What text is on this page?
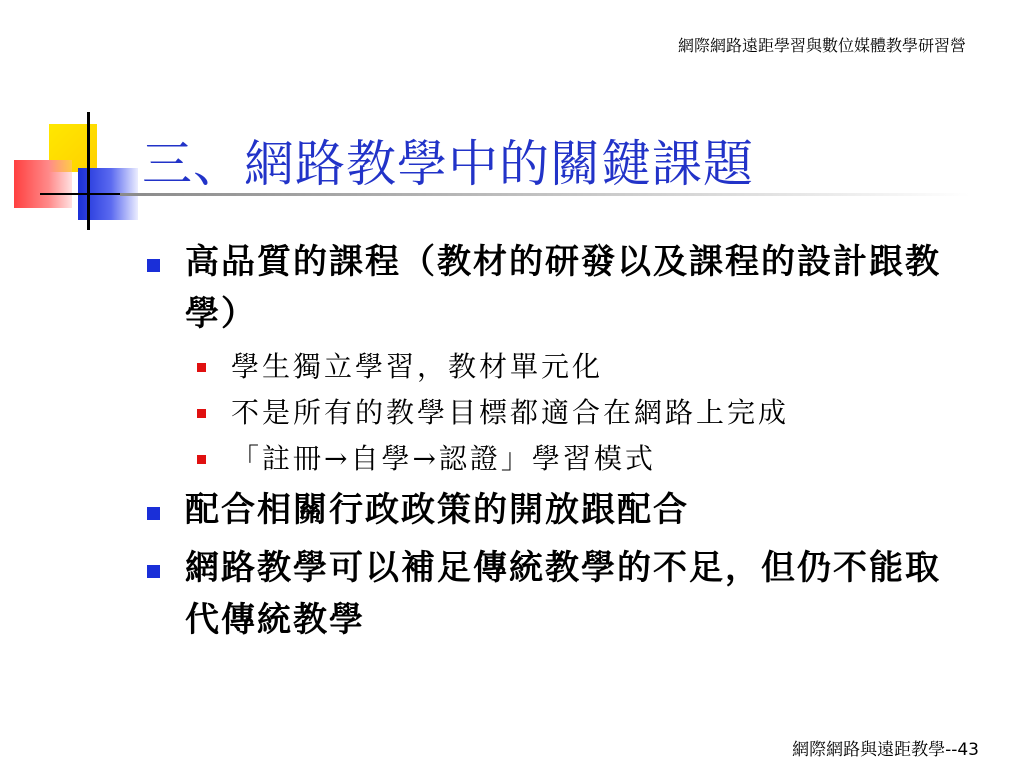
網際網路遠距學習與數位媒體教學研習營
三、網路教學中的關鍵課題
高品質的課程（教材的研發以及課程的設計跟教學）
學生獨立學習，教材單元化
不是所有的教學目標都適合在網路上完成
「註冊→自學→認證」學習模式
配合相關行政政策的開放跟配合
網路教學可以補足傳統教學的不足，但仍不能取代傳統教學
網際網路與遠距教學--43
